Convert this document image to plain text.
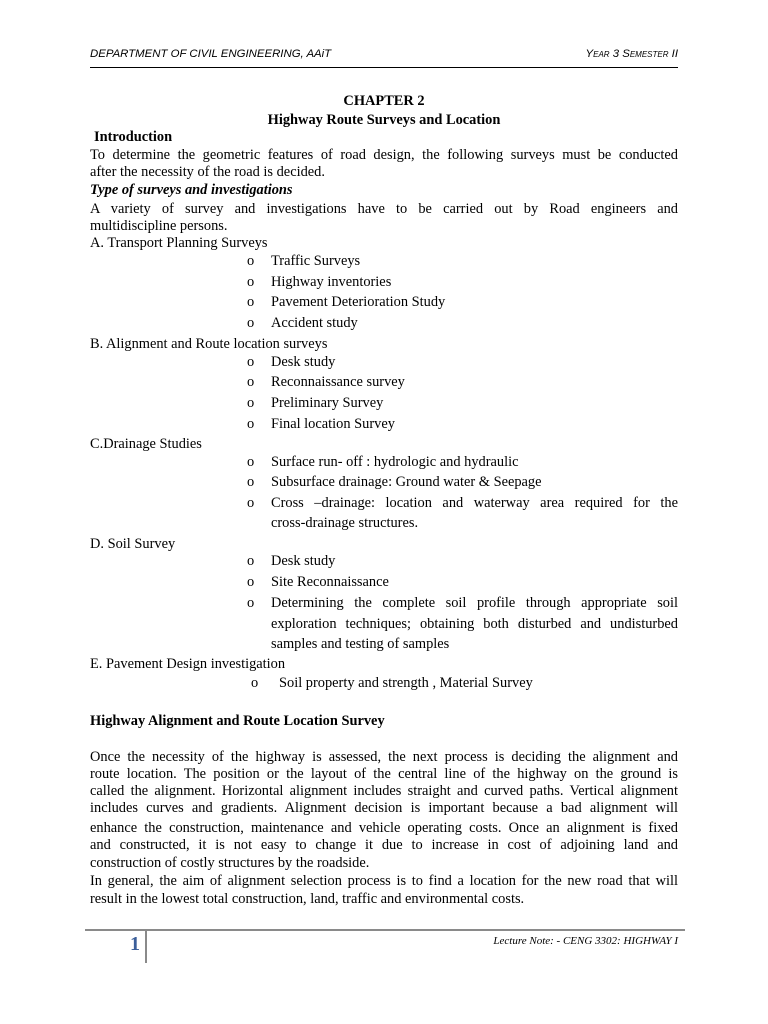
DEPARTMENT OF CIVIL ENGINEERING, AAiT	Year 3 Semester II
CHAPTER 2
Highway Route Surveys and Location
Introduction
To determine the geometric features of road design, the following surveys must be conducted
after the necessity of the road is decided.
Type of surveys and investigations
A variety of survey and investigations have to be carried out by Road engineers and
multidiscipline persons.
A. Transport Planning Surveys
o Traffic Surveys
o Highway inventories
o Pavement Deterioration Study
o Accident study
B. Alignment and Route location surveys
o Desk study
o Reconnaissance survey
o Preliminary Survey
o Final location Survey
C.Drainage Studies
o Surface run- off : hydrologic and hydraulic
o Subsurface drainage: Ground water & Seepage
o Cross –drainage: location and waterway area required for the
cross-drainage structures.
D. Soil Survey
o Desk study
o Site Reconnaissance
o Determining the complete soil profile through appropriate soil
exploration techniques; obtaining both disturbed and undisturbed
samples and testing of samples
E. Pavement Design investigation
o Soil property and strength , Material Survey
Highway Alignment and Route Location Survey
Once the necessity of the highway is assessed, the next process is deciding the alignment and
route location. The position or the layout of the central line of the highway on the ground is
called the alignment. Horizontal alignment includes straight and curved paths. Vertical alignment
includes curves and gradients. Alignment decision is important because a bad alignment will
enhance the construction, maintenance and vehicle operating costs. Once an alignment is fixed
and constructed, it is not easy to change it due to increase in cost of adjoining land and
construction of costly structures by the roadside.
In general, the aim of alignment selection process is to find a location for the new road that will
result in the lowest total construction, land, traffic and environmental costs.
1	Lecture Note: - CENG 3302: HIGHWAY I
